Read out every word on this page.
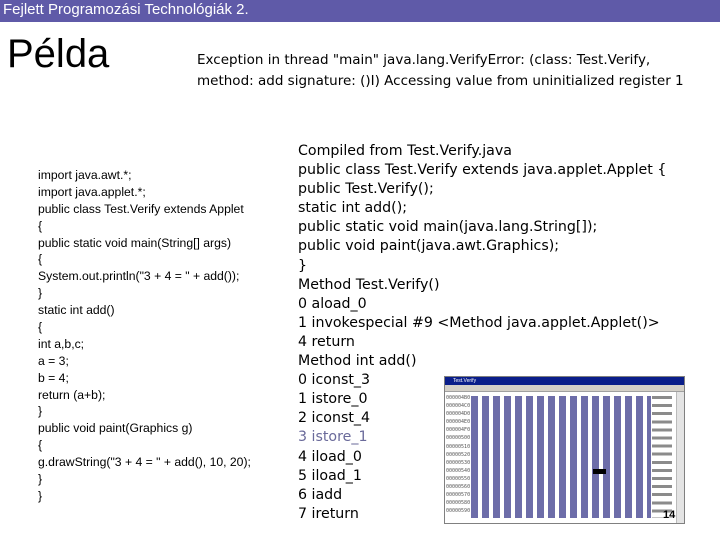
Fejlett Programozási Technológiák 2.
Példa	Exception in thread "main" java.lang.VerifyError: (class: Test.Verify,
method: add signature: ()I) Accessing value from uninitialized register 1
import java.awt.*;
import java.applet.*;
public class Test.Verify extends Applet
{
public static void main(String[] args)
{
System.out.println("3 + 4 = " + add());
}
static int add()
{
int a,b,c;
a = 3;
b = 4;
return (a+b);
}
public void paint(Graphics g)
{
g.drawString("3 + 4 = " + add(), 10, 20);
}
}
Compiled from Test.Verify.java
public class Test.Verify extends java.applet.Applet {
public Test.Verify();
static int add();
public static void main(java.lang.String[]);
public void paint(java.awt.Graphics);
}
Method Test.Verify()
0 aload_0
1 invokespecial #9 <Method java.applet.Applet()>
4 return
Method int add()
0 iconst_3
1 istore_0
2 iconst_4
3 istore_1
4 iload_0
5 iload_1
6 iadd
7 ireturn
Test.Verify
000004B0
000004C0
000004D0
000004E0
000004F0
00000500
00000510
00000520
00000530
00000540
00000550
00000560
00000570
00000580
00000590	14
